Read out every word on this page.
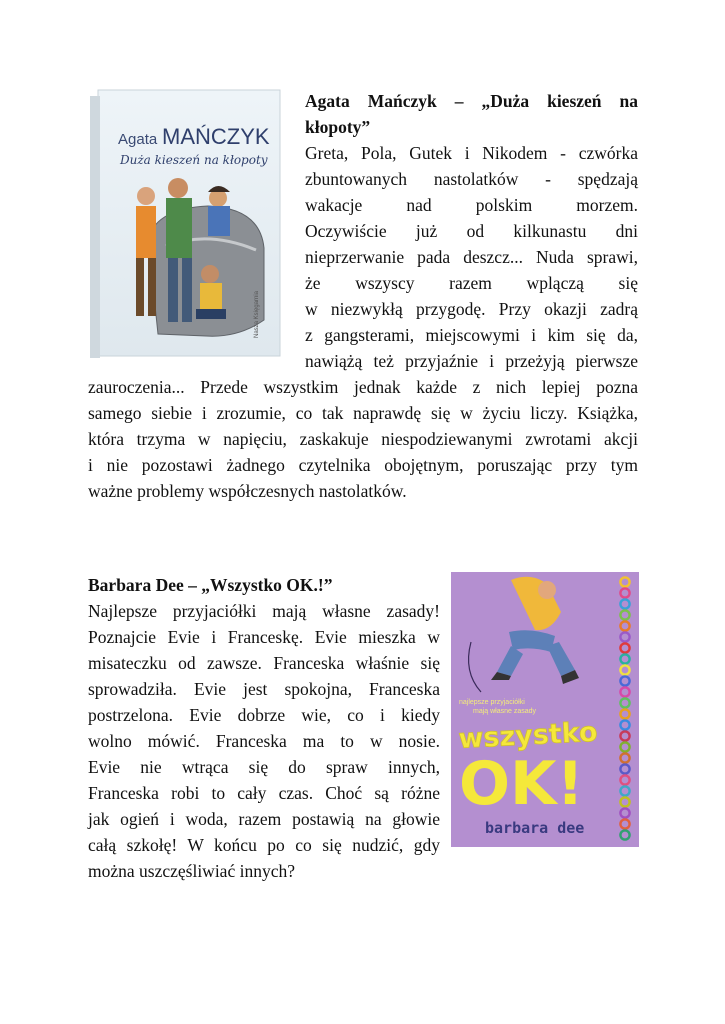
Agata MAŃCZYK
Duża kieszeń na kłopoty
Nasza Księgarnia

Agata Mańczyk – „Duża kieszeń na
kłopoty”

Greta, Pola, Gutek i Nikodem - czwórka
zbuntowanych nastolatków - spędzają
wakacje nad polskim morzem.
Oczywiście już od kilkunastu dni
nieprzerwanie pada deszcz... Nuda sprawi,
że wszyscy razem wplączą się
w niezwykłą przygodę. Przy okazji zadrą
z gangsterami, miejscowymi i kim się da,
nawiążą też przyjaźnie i przeżyją pierwsze

zauroczenia... Przede wszystkim jednak każde z nich lepiej pozna
samego siebie i zrozumie, co tak naprawdę się w życiu liczy. Książka,
która trzyma w napięciu, zaskakuje niespodziewanymi zwrotami akcji
i nie pozostawi żadnego czytelnika obojętnym, poruszając przy tym
ważne problemy współczesnych nastolatków.

Barbara Dee – „Wszystko OK.!”
Najlepsze przyjaciółki mają własne zasady!
Poznajcie Evie i Franceskę. Evie mieszka w
misateczku od zawsze. Franceska właśnie się
sprowadziła. Evie jest spokojna, Franceska
postrzelona. Evie dobrze wie, co i kiedy
wolno mówić. Franceska ma to w nosie.
Evie nie wtrąca się do spraw innych,
Franceska robi to cały czas. Choć są różne
jak ogień i woda, razem postawią na głowie
całą szkołę! W końcu po co się nudzić, gdy
można uszczęśliwiać innych?

najlepsze przyjaciółki
mają własne zasady
wszystko
OK!
barbara dee
